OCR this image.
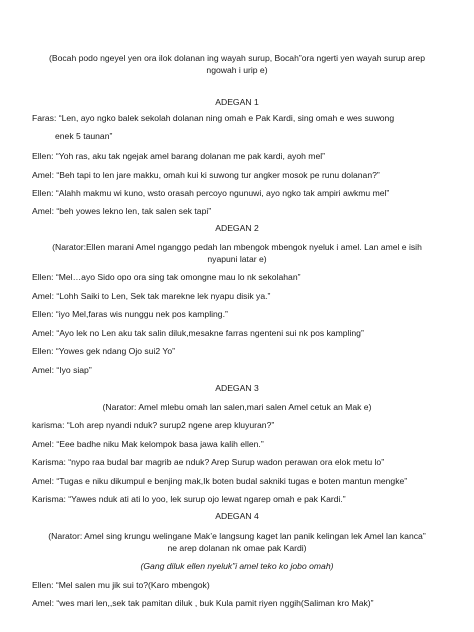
(Bocah podo ngeyel yen ora ilok dolanan ing wayah surup, Bocah”ora ngerti yen wayah surup arep
ngowah i urip e)
ADEGAN 1
Faras: “Len, ayo ngko balek sekolah dolanan ning omah e Pak Kardi, sing omah e wes suwong
enek 5 taunan”
Ellen: “Yoh ras, aku tak ngejak amel barang dolanan me pak kardi, ayoh mel”
Amel: “Beh tapi to len jare makku, omah kui ki suwong tur angker mosok pe runu dolanan?”
Ellen: “Alahh makmu wi kuno, wsto orasah percoyo ngunuwi, ayo ngko tak ampiri awkmu mel”
Amel: “beh yowes lekno len, tak salen sek tapi”
ADEGAN 2
(Narator:Ellen marani Amel nganggo pedah lan mbengok mbengok nyeluk i amel. Lan amel e isih
nyapuni latar e)
Ellen: “Mel…ayo Sido opo ora sing tak omongne mau lo nk sekolahan”
Amel: “Lohh Saiki to Len, Sek tak marekne lek nyapu disik ya.”
Ellen: “iyo Mel,faras wis nunggu nek pos kampling.”
Amel: “Ayo lek no Len aku tak salin diluk,mesakne farras ngenteni sui nk pos kampling”
Ellen: “Yowes gek ndang Ojo sui2 Yo”
Amel: “Iyo siap”
ADEGAN 3
(Narator: Amel mlebu omah lan salen,mari salen Amel cetuk an Mak e)
karisma: “Loh arep nyandi nduk? surup2 ngene arep kluyuran?”
Amel: “Eee badhe niku Mak kelompok basa jawa kalih ellen.”
Karisma: “nypo raa budal bar magrib ae nduk? Arep Surup wadon perawan ora elok metu lo”
Amel: “Tugas e niku dikumpul e benjing mak,Ik boten budal sakniki tugas e boten mantun mengke”
Karisma: “Yawes nduk ati ati lo yoo, lek surup ojo lewat ngarep omah e pak Kardi.”
ADEGAN 4
(Narator: Amel sing krungu welingane Mak’e langsung kaget lan panik kelingan lek Amel lan kanca”
ne arep dolanan nk omae pak Kardi)
(Gang diluk ellen nyeluk”i amel teko ko jobo omah)
Ellen: “Mel salen mu jik sui to?(Karo mbengok)
Amel: “wes mari len,,sek tak pamitan diluk , buk Kula pamit riyen nggih(Saliman kro Mak)”
